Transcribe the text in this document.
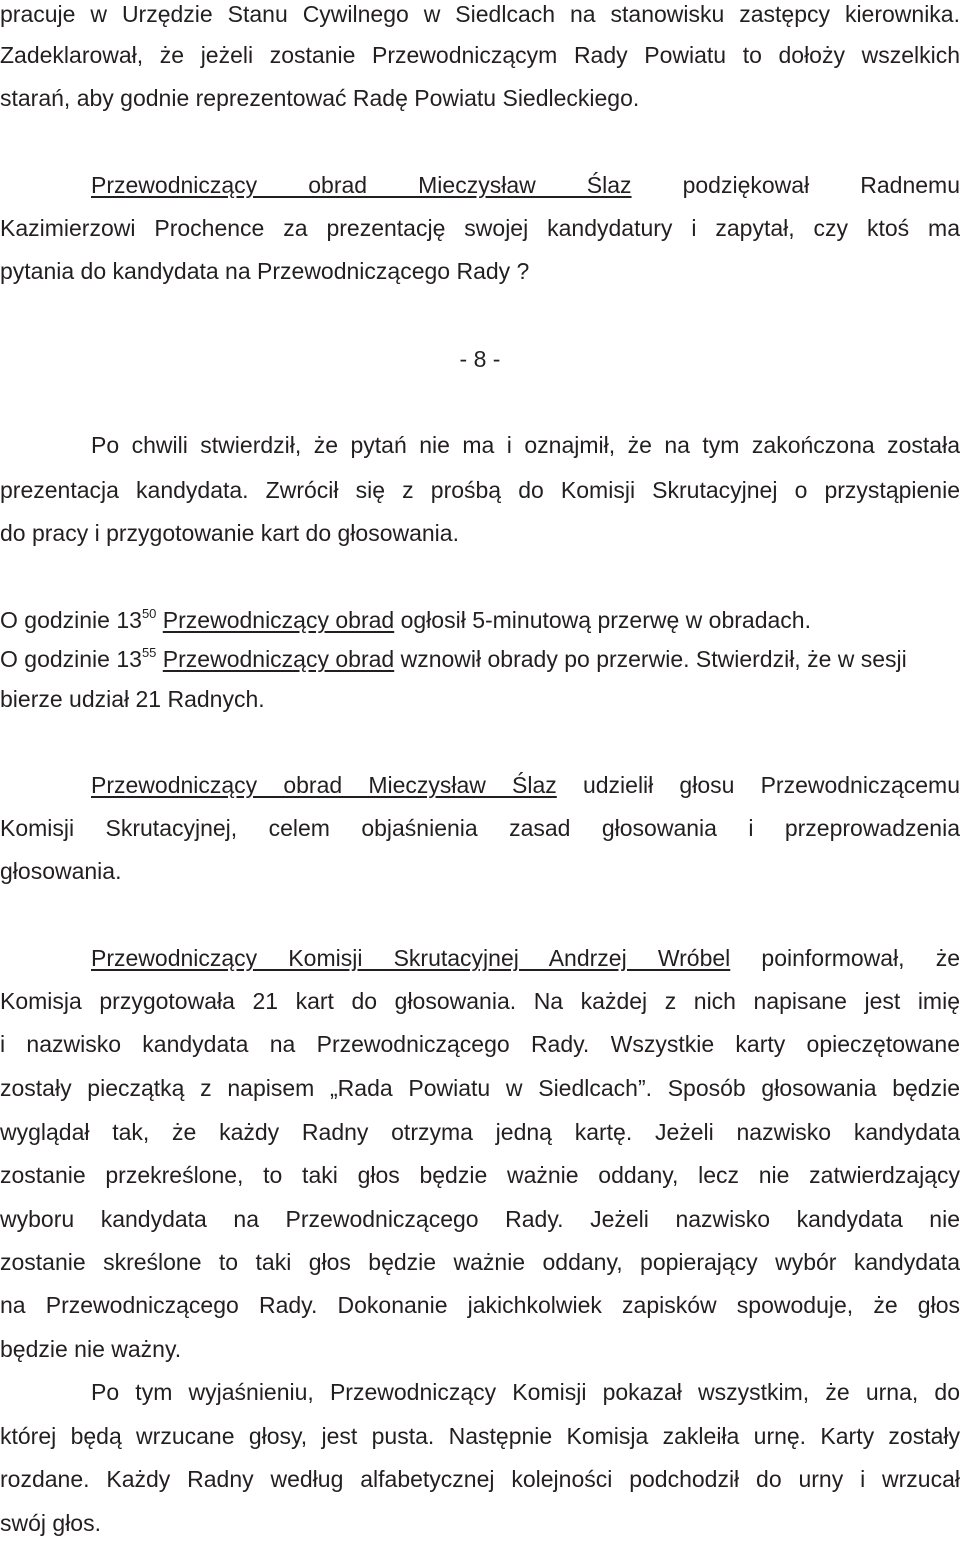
pracuje w Urzędzie Stanu Cywilnego w Siedlcach na stanowisku zastępcy kierownika.
Zadeklarował, że jeżeli zostanie Przewodniczącym Rady Powiatu to dołoży wszelkich
starań, aby godnie reprezentować Radę Powiatu Siedleckiego.
Przewodniczący obrad Mieczysław Ślaz podziękował Radnemu
Kazimierzowi Prochence za prezentację swojej kandydatury i zapytał, czy ktoś ma
pytania do kandydata na Przewodniczącego Rady ?
- 8 -
Po chwili stwierdził, że pytań nie ma i oznajmił, że na tym zakończona została
prezentacja kandydata. Zwrócił się z prośbą do Komisji Skrutacyjnej o przystąpienie
do pracy i przygotowanie kart do głosowania.
O godzinie $13^{50}$ Przewodniczący obrad ogłosił 5-minutową przerwę w obradach.
O godzinie $13^{55}$ Przewodniczący obrad wznowił obrady po przerwie. Stwierdził, że w sesji
bierze udział 21 Radnych.
Przewodniczący obrad Mieczysław Ślaz udzielił głosu Przewodniczącemu
Komisji Skrutacyjnej, celem objaśnienia zasad głosowania i przeprowadzenia
głosowania.
Przewodniczący Komisji Skrutacyjnej Andrzej Wróbel poinformował, że
Komisja przygotowała 21 kart do głosowania. Na każdej z nich napisane jest imię
i nazwisko kandydata na Przewodniczącego Rady. Wszystkie karty opieczętowane
zostały pieczątką z napisem „Rada Powiatu w Siedlcach”. Sposób głosowania będzie
wyglądał tak, że każdy Radny otrzyma jedną kartę. Jeżeli nazwisko kandydata
zostanie przekreślone, to taki głos będzie ważnie oddany, lecz nie zatwierdzający
wyboru kandydata na Przewodniczącego Rady. Jeżeli nazwisko kandydata nie
zostanie skreślone to taki głos będzie ważnie oddany, popierający wybór kandydata
na Przewodniczącego Rady. Dokonanie jakichkolwiek zapisków spowoduje, że głos
będzie nie ważny.
Po tym wyjaśnieniu, Przewodniczący Komisji pokazał wszystkim, że urna, do
której będą wrzucane głosy, jest pusta. Następnie Komisja zakleiła urnę. Karty zostały
rozdane. Każdy Radny według alfabetycznej kolejności podchodził do urny i wrzucał
swój głos.
